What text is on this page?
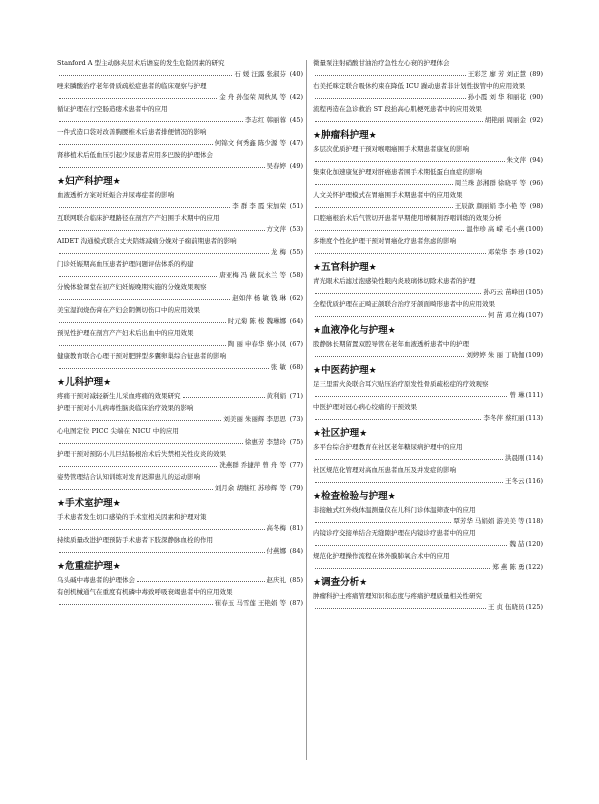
Stanford A 型主动脉夹层术后谵妄的发生危险因素的研究
石 媛 汪露 张淑芬 (40)
唑来膦酸治疗老年骨质疏松症患者的临床观察与护理
金 舟 孙玺荣 周秋凤 等 (42)
循证护理在行空肠造瘘术患者中的应用
李志红 韩丽蓉 (45)
一件式造口袋对改善胸腰椎术后患者排便情况的影响
何锦文 何秀鑫 陈少源 等 (47)
肾移植术后低血压引起少尿患者应用多巴胺的护理体会
吴春婷 (49)
★妇产科护理★
血液透析方案对妊娠合并尿毒症者的影响
李 群 李 霞 宋加荣 (51)
互联网联合临床护理路径在剖宫产产妇围手术期中的应用
方文萍 (53)
AIDET 沟通模式联合丈夫陪练减痛分娩对子痫前期患者的影响
龙 梅 (55)
门诊妊娠期高血压患者护理问题评估体系的构建
唐亚梅 冯 薇 阮永兰 等 (58)
分娩体验课堂在初产妇妊娠晚期实施的分娩效果观察
赵如萍 杨 敏 钱 琳 (62)
美宝湿润烧伤膏在产妇会阴侧切伤口中的应用效果
时元菊 陈 梭 魏琳娜 (64)
预见性护理在剖宫产产妇术后出血中的应用效果
陶 丽 申春华 蔡小凤 (67)
健康教育联合心理干预对肥胖型多囊卵巢综合征患者的影响
张 敏 (68)
★儿科护理★
疼痛干预对减轻新生儿采血疼痛的效果研究	黄利娟 (71)
护理干预对小儿病毒性脑炎临床治疗效果的影响
刘美丽 朱丽辉 李思思 (73)
心电图定位 PICC 尖端在 NICU 中的应用
徐惠芳 李慧玲 (75)
护理干预对预防小儿巨结肠根治术后失禁相关性皮炎的效果
冼燕群 乔捷萍 曾 舟 等 (77)
姿势管理结合认知训练对发育迟滞患儿的运动影响
刘月余 胡继红 苏珍辉 等 (79)
★手术室护理★
手术患者发生切口感染的手术室相关因素和护理对策
高冬梅 (81)
持续质量改进护理预防手术患者下肢深静脉血栓的作用
付燕娜 (84)
★危重症护理★
乌头碱中毒患者的护理体会	赵庆礼 (85)
有创机械通气在重度有机磷中毒致呼吸衰竭患者中的应用效果
崔春玉 马雪莲 王艳娟 等 (87)
微量泵注射硝酸甘油治疗急性左心衰的护理体会
王彩芝 廖 芳 刘正慧 (89)
右美托咪定联合吸休约束在降低 ICU 躁动患者非计划性拔管中的应用效果
孙小霞 刘 华 和丽花 (90)
流程再造在急诊救治 ST 段抬高心肌梗死患者中的应用效果
胡艳丽 周丽金 (92)
★肿瘤科护理★
多层次优质护理干预对喉咽癌围手术期患者康复的影响
朱文萍 (94)
集束化加速康复护理对肝癌患者围手术期低蛋白血症的影响
周兰珠 彭湘群 徐晓平 等 (96)
人文关怀护理模式在胃癌围手术期患者中的应用效果
王辰歆 颜丽娟 李小艳 等 (98)
口腔癌根治术后气管切开患者早期使用增稠剂吞咽训练的效果分析
温作珍 高 嵘 毛小燕 (100)
多维度个性化护理干预对胃癌化疗患者焦虑的影响
邓荣华 李 珍 (102)
★五官科护理★
青光眼术后滤过泡感染性眼内炎玻璃体切除术患者的护理
孙巧云 苗峰田 (105)
全程优质护理在正畸正颌联合治疗牙颌面畸形患者中的应用效果
何 苗 邓立梅 (107)
★血液净化与护理★
股静脉长期留置双腔导管在老年血液透析患者中的护理
刘婷婷 朱 丽 丁晓伽 (109)
★中医药护理★
足三里雷火灸联合耳穴贴压治疗原发性骨质疏松症的疗效观察
曾 琳 (111)
中医护理对冠心病心绞痛的干预效果
李冬萍 蔡红丽 (113)
★社区护理★
多平台综合护理教育在社区老年糖尿病护理中的应用
洪晨刚 (114)
社区规范化管理对高血压患者血压及并发症的影响
王冬云 (116)
★检查检验与护理★
非接触式红外线体温测量仪在儿科门诊体温筛查中的应用
覃芳华 马娟娟 游美美 等 (118)
内镜诊疗交接单结合无缝隙护理在内镜诊疗患者中的应用
魏 喆 (120)
规范化护理操作流程在体外膜肺氧合术中的应用
郑 燕 陈 勇 (122)
★调查分析★
肿瘤科护士疼痛管理知识和态度与疼痛护理质量相关性研究
王 贞 伍晓员 (125)
